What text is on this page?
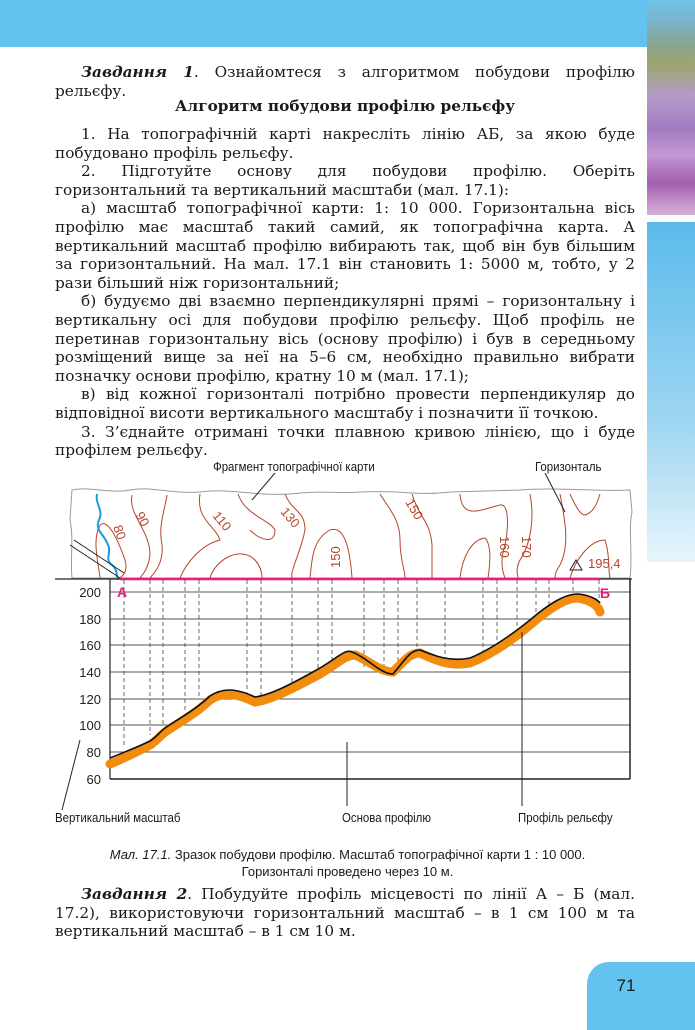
Завдання 1. Ознайомтеся з алгоритмом побудови профілю рельєфу.

Алгоритм побудови профілю рельєфу

1. На топографічній карті накресліть лінію АБ, за якою буде побудовано профіль рельєфу.

2. Підготуйте основу для побудови профілю. Оберіть горизонтальний та вертикальний масштаби (мал. 17.1):

а) масштаб топографічної карти: 1: 10 000. Горизонтальна вісь профілю має масштаб такий самий, як топографічна карта. А вертикальний масштаб профілю вибирають так, щоб він був більшим за горизонтальний. На мал. 17.1 він становить 1: 5000 м, тобто, у 2 рази більший ніж горизонтальний;

б) будуємо дві взаємно перпендикулярні прямі – горизонтальну і вертикальну осі для побудови профілю рельєфу. Щоб профіль не перетинав горизонтальну вісь (основу профілю) і був в середньому розміщений вище за неї на 5–6 см, необхідно правильно вибрати позначку основи профілю, кратну 10 м (мал. 17.1);

в) від кожної горизонталі потрібно провести перпендикуляр до відповідної висоти вертикального масштабу і позначити її точкою.

3. З’єднайте отримані точки плавною кривою лінією, що і буде профілем рельєфу.

80
90	110	130	150
150	160 170
195,4
200
180
160
140
120
100
80
60
А	Б
Фрагмент топографічної карти	Горизонталь
Вертикальний масштаб	Основа профілю	Профіль рельєфу
Мал. 17.1. Зразок побудови профілю. Масштаб топографічної карти 1 : 10 000.
Горизонталі проведено через 10 м.

Завдання 2. Побудуйте профіль місцевості по лінії А – Б (мал. 17.2), використовуючи горизонтальний масштаб – в 1 см 100 м та вертикальний масштаб – в 1 см 10 м.

71
